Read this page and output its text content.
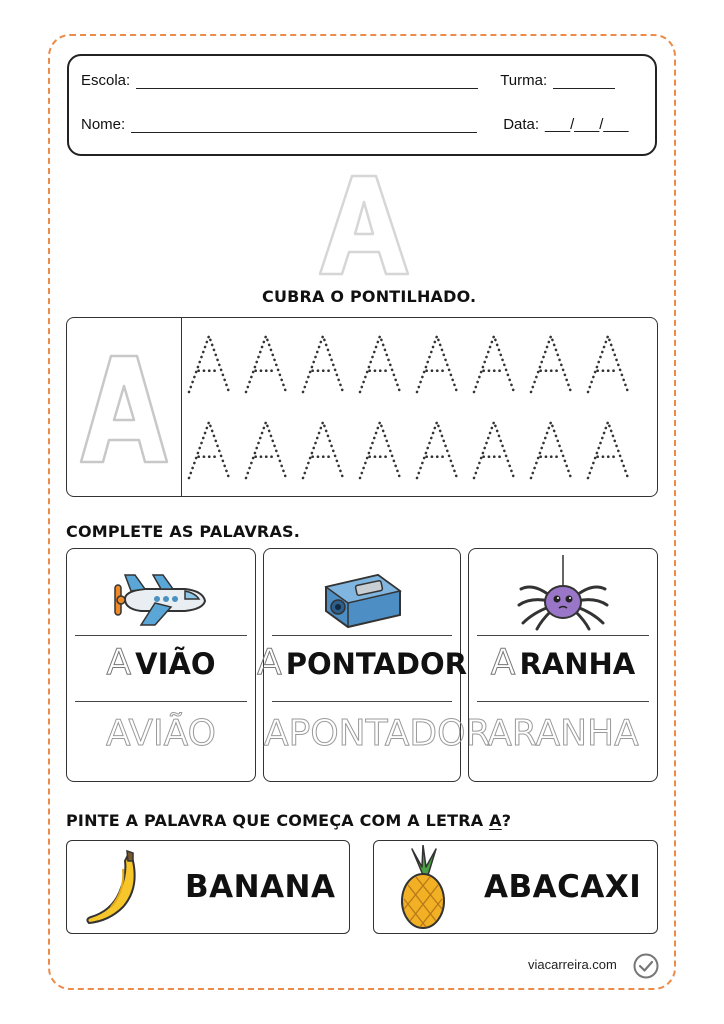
Escola:	Turma:
Nome:	Data: ___/___/___
CUBRA O PONTILHADO.
COMPLETE AS PALAVRAS.
A VIÃO
AVIÃO
A PONTADOR
APONTADOR
A RANHA
ARANHA
PINTE A PALAVRA QUE COMEÇA COM A LETRA A?
BANANA	ABACAXI
viacarreira.com
